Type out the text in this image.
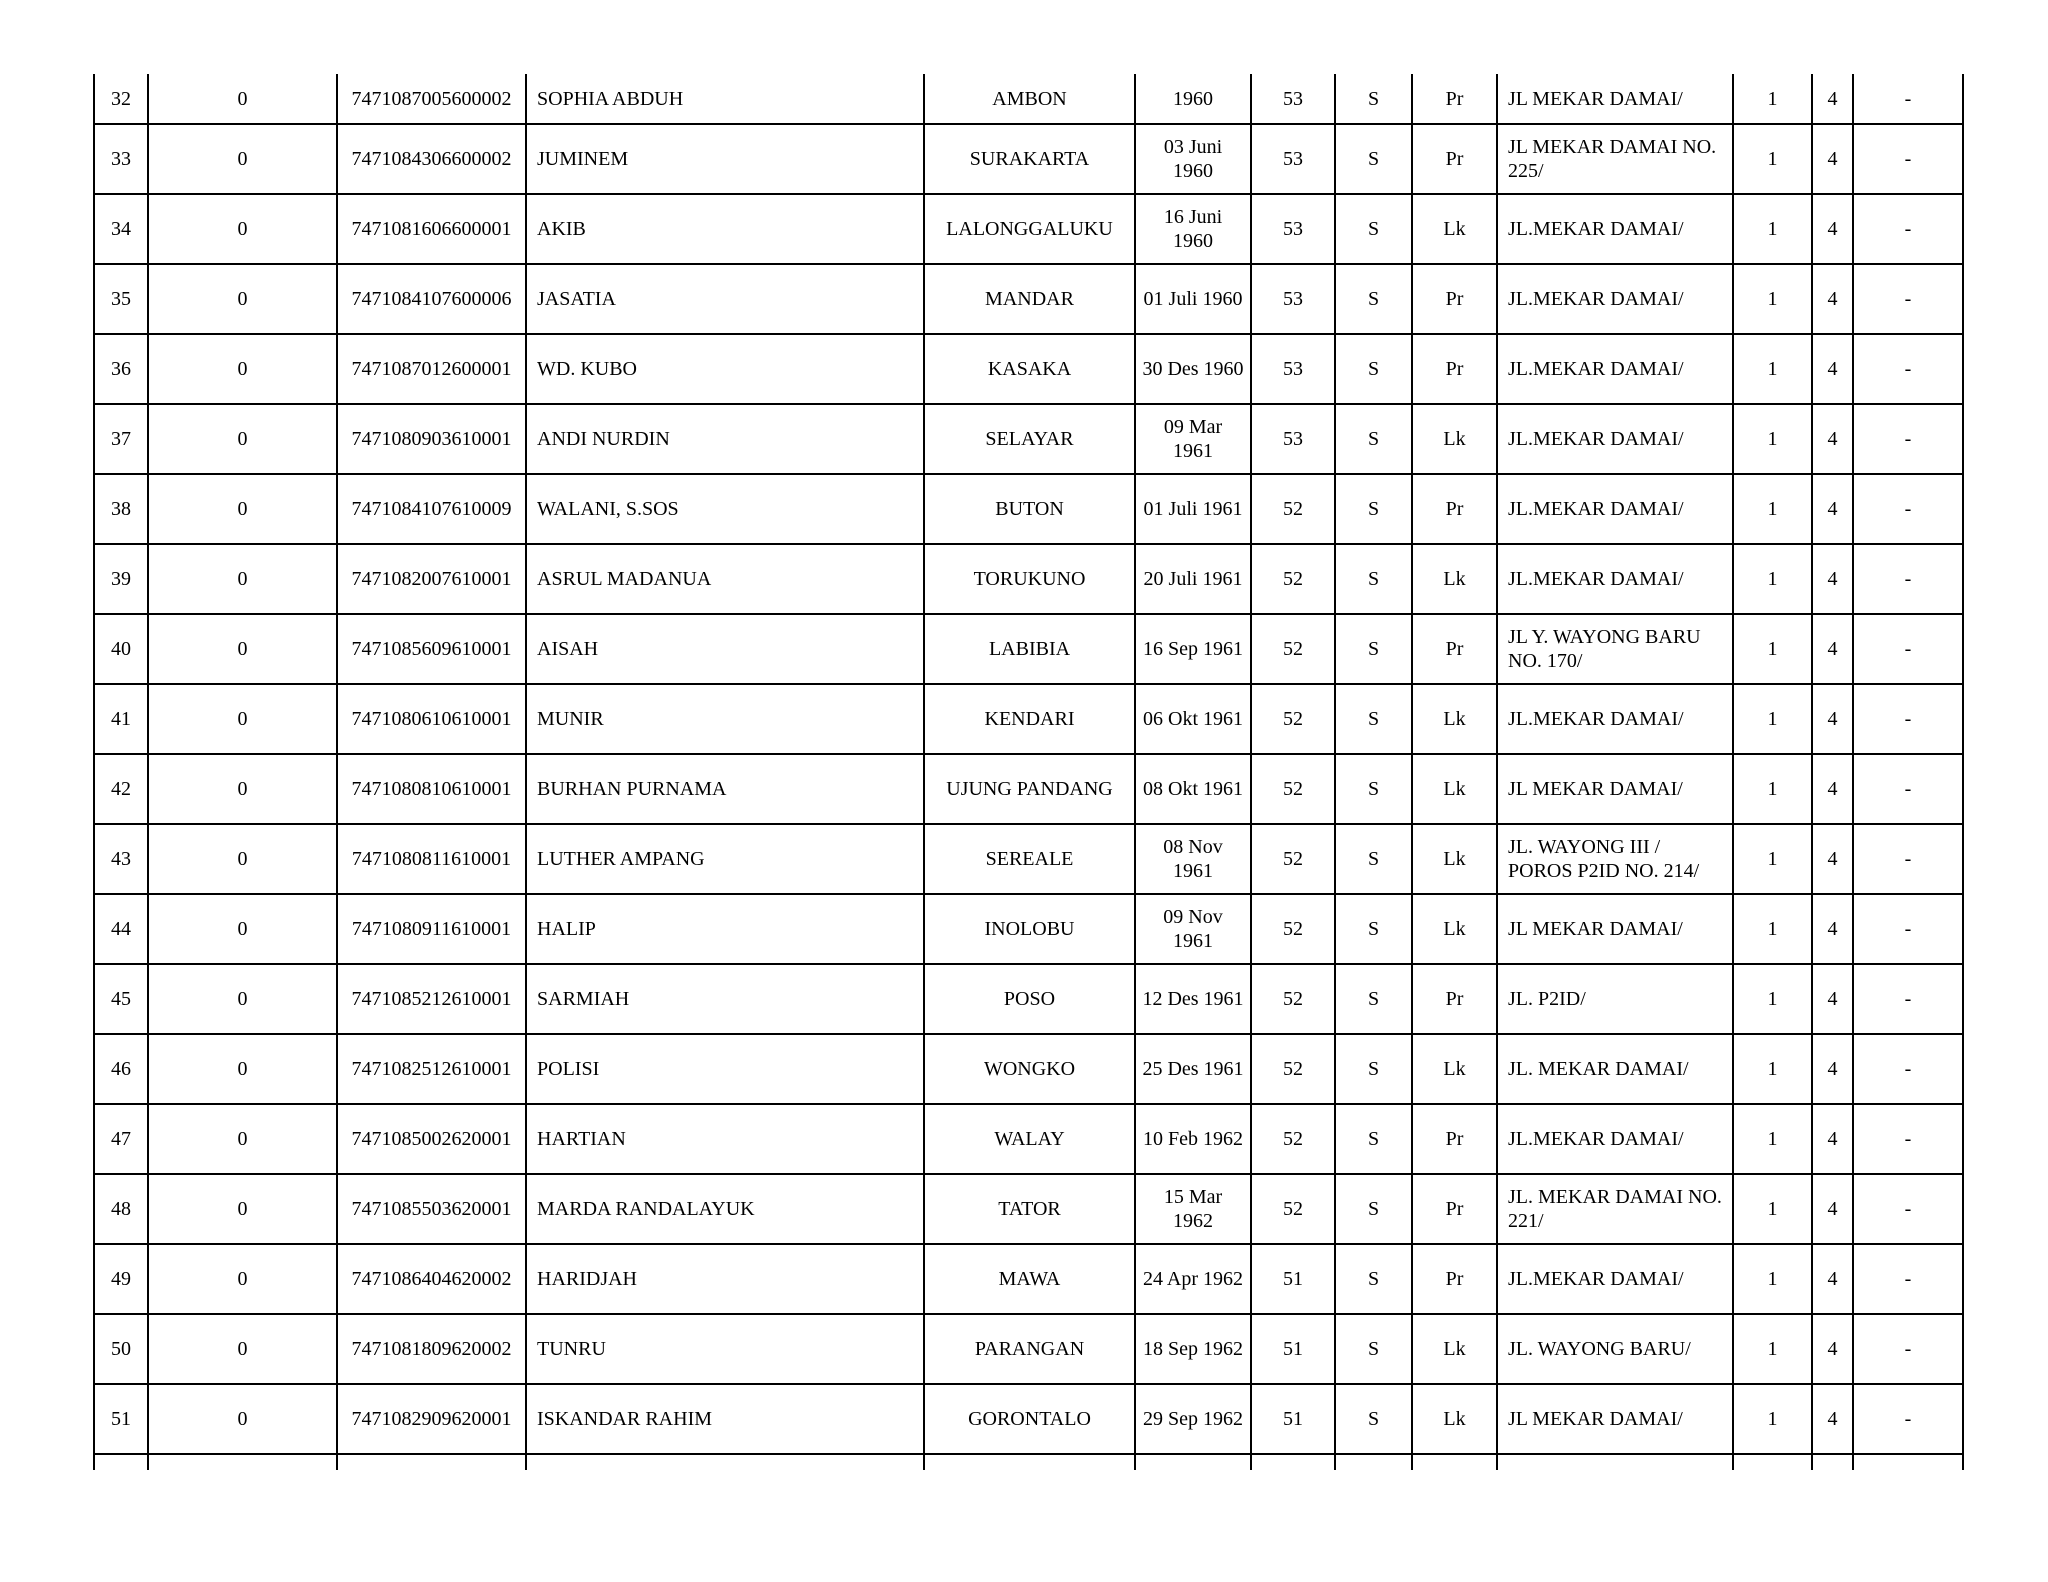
32	0	7471087005600002	SOPHIA ABDUH	AMBON	1960	53	S	Pr	JL MEKAR DAMAI/	1	4	-
33	0	7471084306600002	JUMINEM	SURAKARTA	03 Juni 1960	53	S	Pr	JL MEKAR DAMAI NO. 225/	1	4	-
34	0	7471081606600001	AKIB	LALONGGALUKU	16 Juni 1960	53	S	Lk	JL.MEKAR DAMAI/	1	4	-
35	0	7471084107600006	JASATIA	MANDAR	01 Juli 1960	53	S	Pr	JL.MEKAR DAMAI/	1	4	-
36	0	7471087012600001	WD. KUBO	KASAKA	30 Des 1960	53	S	Pr	JL.MEKAR DAMAI/	1	4	-
37	0	7471080903610001	ANDI NURDIN	SELAYAR	09 Mar 1961	53	S	Lk	JL.MEKAR DAMAI/	1	4	-
38	0	7471084107610009	WALANI, S.SOS	BUTON	01 Juli 1961	52	S	Pr	JL.MEKAR DAMAI/	1	4	-
39	0	7471082007610001	ASRUL MADANUA	TORUKUNO	20 Juli 1961	52	S	Lk	JL.MEKAR DAMAI/	1	4	-
40	0	7471085609610001	AISAH	LABIBIA	16 Sep 1961	52	S	Pr	JL Y. WAYONG BARU NO. 170/	1	4	-
41	0	7471080610610001	MUNIR	KENDARI	06 Okt 1961	52	S	Lk	JL.MEKAR DAMAI/	1	4	-
42	0	7471080810610001	BURHAN PURNAMA	UJUNG PANDANG	08 Okt 1961	52	S	Lk	JL MEKAR DAMAI/	1	4	-
43	0	7471080811610001	LUTHER AMPANG	SEREALE	08 Nov 1961	52	S	Lk	JL. WAYONG III / POROS P2ID NO. 214/	1	4	-
44	0	7471080911610001	HALIP	INOLOBU	09 Nov 1961	52	S	Lk	JL MEKAR DAMAI/	1	4	-
45	0	7471085212610001	SARMIAH	POSO	12 Des 1961	52	S	Pr	JL. P2ID/	1	4	-
46	0	7471082512610001	POLISI	WONGKO	25 Des 1961	52	S	Lk	JL. MEKAR DAMAI/	1	4	-
47	0	7471085002620001	HARTIAN	WALAY	10 Feb 1962	52	S	Pr	JL.MEKAR DAMAI/	1	4	-
48	0	7471085503620001	MARDA RANDALAYUK	TATOR	15 Mar 1962	52	S	Pr	JL. MEKAR DAMAI NO. 221/	1	4	-
49	0	7471086404620002	HARIDJAH	MAWA	24 Apr 1962	51	S	Pr	JL.MEKAR DAMAI/	1	4	-
50	0	7471081809620002	TUNRU	PARANGAN	18 Sep 1962	51	S	Lk	JL. WAYONG BARU/	1	4	-
51	0	7471082909620001	ISKANDAR RAHIM	GORONTALO	29 Sep 1962	51	S	Lk	JL MEKAR DAMAI/	1	4	-
